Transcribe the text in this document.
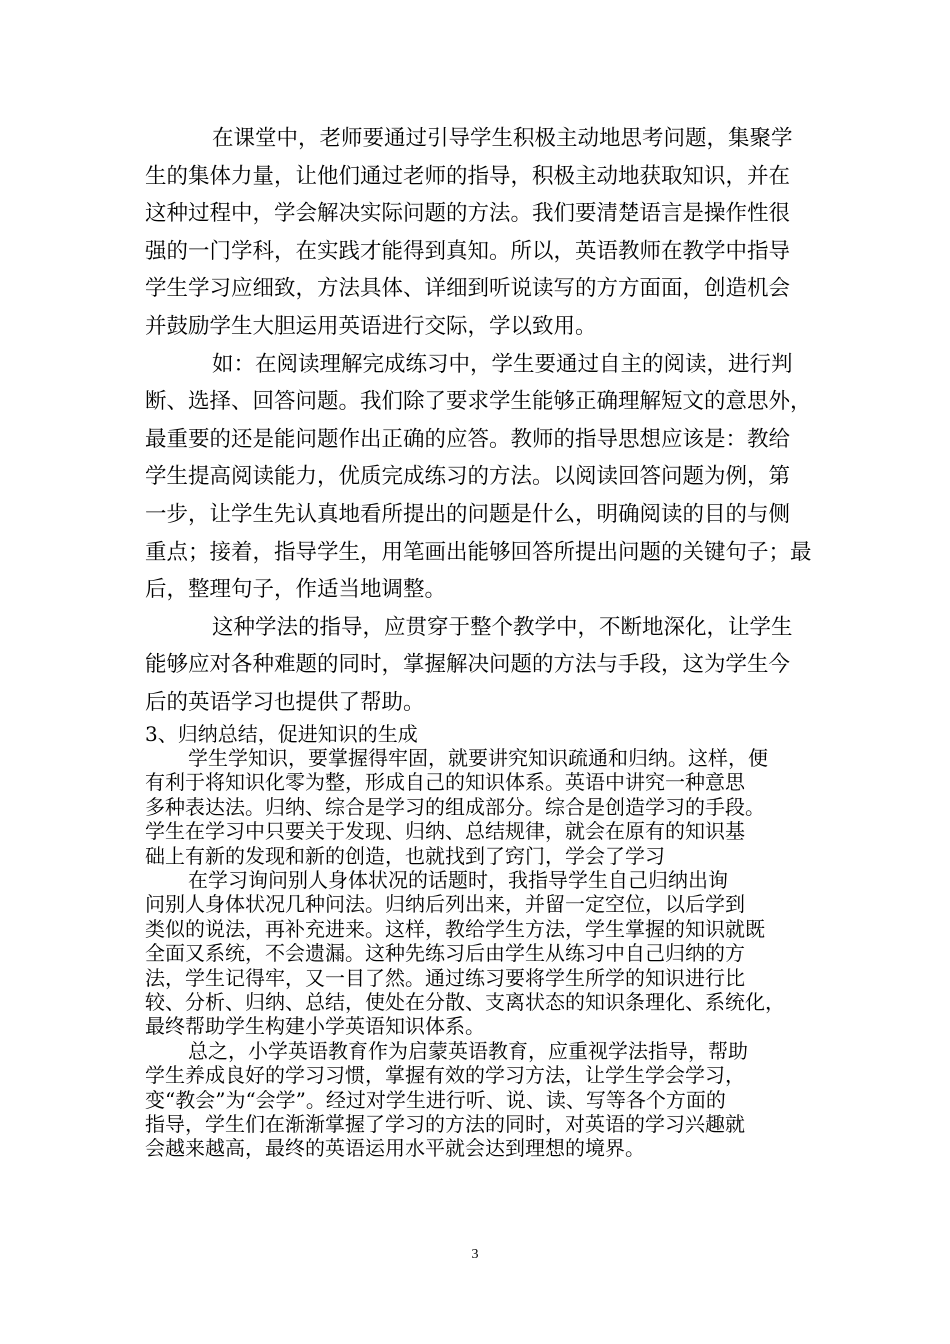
在课堂中，老师要通过引导学生积极主动地思考问题，集聚学
生的集体力量，让他们通过老师的指导，积极主动地获取知识，并在
这种过程中，学会解决实际问题的方法。我们要清楚语言是操作性很
强的一门学科，在实践才能得到真知。所以，英语教师在教学中指导
学生学习应细致，方法具体、详细到听说读写的方方面面，创造机会
并鼓励学生大胆运用英语进行交际，学以致用。
如：在阅读理解完成练习中，学生要通过自主的阅读，进行判
断、选择、回答问题。我们除了要求学生能够正确理解短文的意思外，
最重要的还是能问题作出正确的应答。教师的指导思想应该是：教给
学生提高阅读能力，优质完成练习的方法。以阅读回答问题为例，第
一步，让学生先认真地看所提出的问题是什么，明确阅读的目的与侧
重点；接着，指导学生，用笔画出能够回答所提出问题的关键句子；最
后，整理句子，作适当地调整。
这种学法的指导，应贯穿于整个教学中，不断地深化，让学生
能够应对各种难题的同时，掌握解决问题的方法与手段，这为学生今
后的英语学习也提供了帮助。
3、归纳总结，促进知识的生成
学生学知识，要掌握得牢固，就要讲究知识疏通和归纳。这样，便
有利于将知识化零为整，形成自己的知识体系。英语中讲究一种意思
多种表达法。归纳、综合是学习的组成部分。综合是创造学习的手段。
学生在学习中只要关于发现、归纳、总结规律，就会在原有的知识基
础上有新的发现和新的创造，也就找到了窍门，学会了学习
在学习询问别人身体状况的话题时，我指导学生自己归纳出询
问别人身体状况几种问法。归纳后列出来，并留一定空位，以后学到
类似的说法，再补充进来。这样，教给学生方法，学生掌握的知识就既
全面又系统，不会遗漏。这种先练习后由学生从练习中自己归纳的方
法，学生记得牢，又一目了然。通过练习要将学生所学的知识进行比
较、分析、归纳、总结，使处在分散、支离状态的知识条理化、系统化，
最终帮助学生构建小学英语知识体系。
总之，小学英语教育作为启蒙英语教育，应重视学法指导，帮助
学生养成良好的学习习惯，掌握有效的学习方法，让学生学会学习，
变“教会”为“会学”。经过对学生进行听、说、读、写等各个方面的
指导，学生们在渐渐掌握了学习的方法的同时，对英语的学习兴趣就
会越来越高，最终的英语运用水平就会达到理想的境界。
3
